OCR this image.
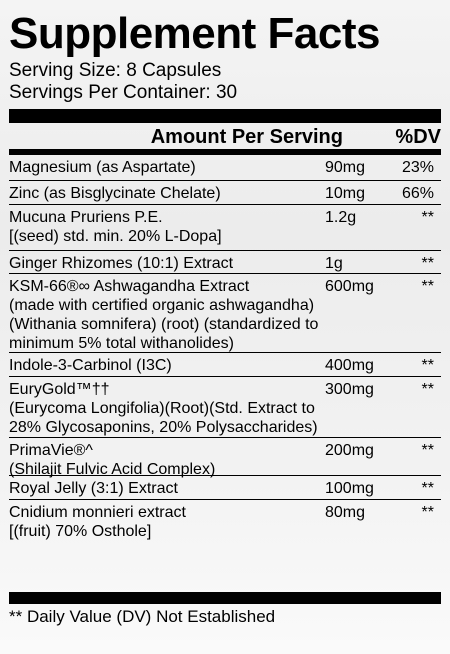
Supplement Facts
Serving Size: 8 Capsules
Servings Per Container: 30
Amount Per Serving	%DV
Magnesium (as Aspartate)	90mg 23%
Zinc (as Bisglycinate Chelate)	10mg 66%
Mucuna Pruriens P.E.	1.2g	**
[(seed) std. min. 20% L-Dopa]
Ginger Rhizomes (10:1) Extract	1g	**
KSM-66®∞ Ashwagandha Extract	600mg	**
(made with certified organic ashwagandha)
(Withania somnifera) (root) (standardized to
minimum 5% total withanolides)
Indole-3-Carbinol (I3C)	400mg	**
EuryGold™††	300mg	**
(Eurycoma Longifolia)(Root)(Std. Extract to
28% Glycosaponins, 20% Polysaccharides)
PrimaVie®^	200mg	**
(Shilajit Fulvic Acid Complex)
Royal Jelly (3:1) Extract	100mg	**
Cnidium monnieri extract	80mg	**
[(fruit) 70% Osthole]
** Daily Value (DV) Not Established
